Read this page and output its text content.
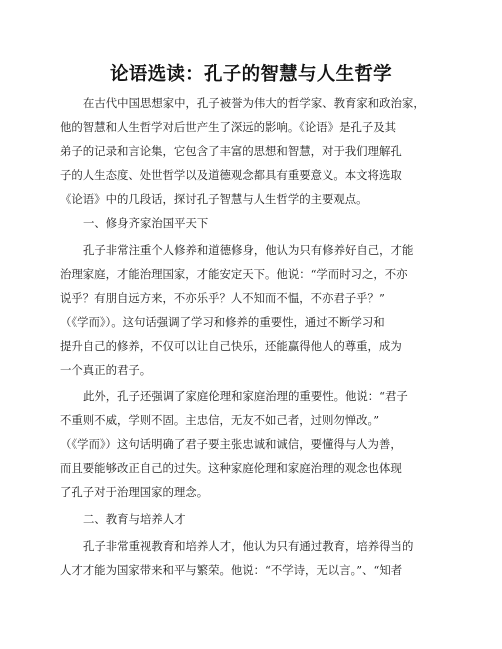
论语选读：孔子的智慧与人生哲学
在古代中国思想家中，孔子被誉为伟大的哲学家、教育家和政治家，
他的智慧和人生哲学对后世产生了深远的影响。《论语》是孔子及其
弟子的记录和言论集，它包含了丰富的思想和智慧，对于我们理解孔
子的人生态度、处世哲学以及道德观念都具有重要意义。本文将选取
《论语》中的几段话，探讨孔子智慧与人生哲学的主要观点。
一、修身齐家治国平天下
孔子非常注重个人修养和道德修身，他认为只有修养好自己，才能
治理家庭，才能治理国家，才能安定天下。他说：“学而时习之，不亦
说乎？有朋自远方来，不亦乐乎？人不知而不愠，不亦君子乎？”
（《学而》）。这句话强调了学习和修养的重要性，通过不断学习和
提升自己的修养，不仅可以让自己快乐，还能赢得他人的尊重，成为
一个真正的君子。
此外，孔子还强调了家庭伦理和家庭治理的重要性。他说：“君子
不重则不威，学则不固。主忠信，无友不如己者，过则勿惮改。”
（《学而》）这句话明确了君子要主张忠诚和诚信，要懂得与人为善，
而且要能够改正自己的过失。这种家庭伦理和家庭治理的观念也体现
了孔子对于治理国家的理念。
二、教育与培养人才
孔子非常重视教育和培养人才，他认为只有通过教育，培养得当的
人才才能为国家带来和平与繁荣。他说：“不学诗，无以言。”、“知者
